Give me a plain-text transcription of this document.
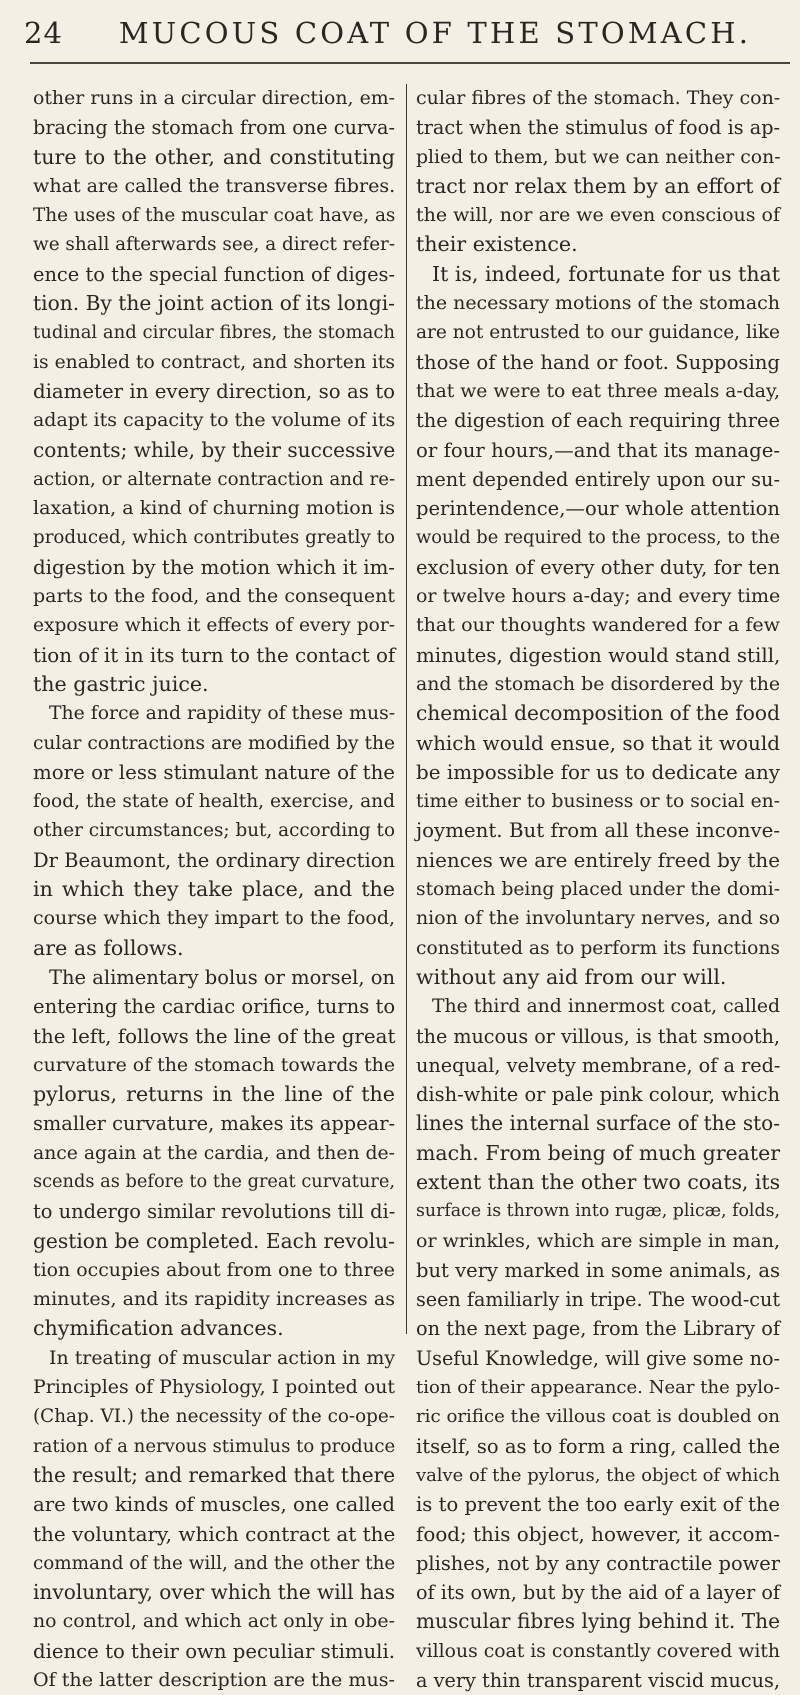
24	MUCOUS COAT OF THE STOMACH.
other runs in a circular direction, em-
bracing the stomach from one curva-
ture to the other, and constituting
what are called the transverse fibres.
The uses of the muscular coat have, as
we shall afterwards see, a direct refer-
ence to the special function of diges-
tion. By the joint action of its longi-
tudinal and circular fibres, the stomach
is enabled to contract, and shorten its
diameter in every direction, so as to
adapt its capacity to the volume of its
contents; while, by their successive
action, or alternate contraction and re-
laxation, a kind of churning motion is
produced, which contributes greatly to
digestion by the motion which it im-
parts to the food, and the consequent
exposure which it effects of every por-
tion of it in its turn to the contact of
the gastric juice.
The force and rapidity of these mus-
cular contractions are modified by the
more or less stimulant nature of the
food, the state of health, exercise, and
other circumstances; but, according to
Dr Beaumont, the ordinary direction
in which they take place, and the
course which they impart to the food,
are as follows.
The alimentary bolus or morsel, on
entering the cardiac orifice, turns to
the left, follows the line of the great
curvature of the stomach towards the
pylorus, returns in the line of the
smaller curvature, makes its appear-
ance again at the cardia, and then de-
scends as before to the great curvature,
to undergo similar revolutions till di-
gestion be completed. Each revolu-
tion occupies about from one to three
minutes, and its rapidity increases as
chymification advances.
In treating of muscular action in my
Principles of Physiology, I pointed out
(Chap. VI.) the necessity of the co-ope-
ration of a nervous stimulus to produce
the result; and remarked that there
are two kinds of muscles, one called
the voluntary, which contract at the
command of the will, and the other the
involuntary, over which the will has
no control, and which act only in obe-
dience to their own peculiar stimuli.
Of the latter description are the mus-
cular fibres of the stomach. They con-
tract when the stimulus of food is ap-
plied to them, but we can neither con-
tract nor relax them by an effort of
the will, nor are we even conscious of
their existence.
It is, indeed, fortunate for us that
the necessary motions of the stomach
are not entrusted to our guidance, like
those of the hand or foot. Supposing
that we were to eat three meals a-day,
the digestion of each requiring three
or four hours,—and that its manage-
ment depended entirely upon our su-
perintendence,—our whole attention
would be required to the process, to the
exclusion of every other duty, for ten
or twelve hours a-day; and every time
that our thoughts wandered for a few
minutes, digestion would stand still,
and the stomach be disordered by the
chemical decomposition of the food
which would ensue, so that it would
be impossible for us to dedicate any
time either to business or to social en-
joyment. But from all these inconve-
niences we are entirely freed by the
stomach being placed under the domi-
nion of the involuntary nerves, and so
constituted as to perform its functions
without any aid from our will.
The third and innermost coat, called
the mucous or villous, is that smooth,
unequal, velvety membrane, of a red-
dish-white or pale pink colour, which
lines the internal surface of the sto-
mach. From being of much greater
extent than the other two coats, its
surface is thrown into rugæ, plicæ, folds,
or wrinkles, which are simple in man,
but very marked in some animals, as
seen familiarly in tripe. The wood-cut
on the next page, from the Library of
Useful Knowledge, will give some no-
tion of their appearance. Near the pylo-
ric orifice the villous coat is doubled on
itself, so as to form a ring, called the
valve of the pylorus, the object of which
is to prevent the too early exit of the
food; this object, however, it accom-
plishes, not by any contractile power
of its own, but by the aid of a layer of
muscular fibres lying behind it. The
villous coat is constantly covered with
a very thin transparent viscid mucus,
